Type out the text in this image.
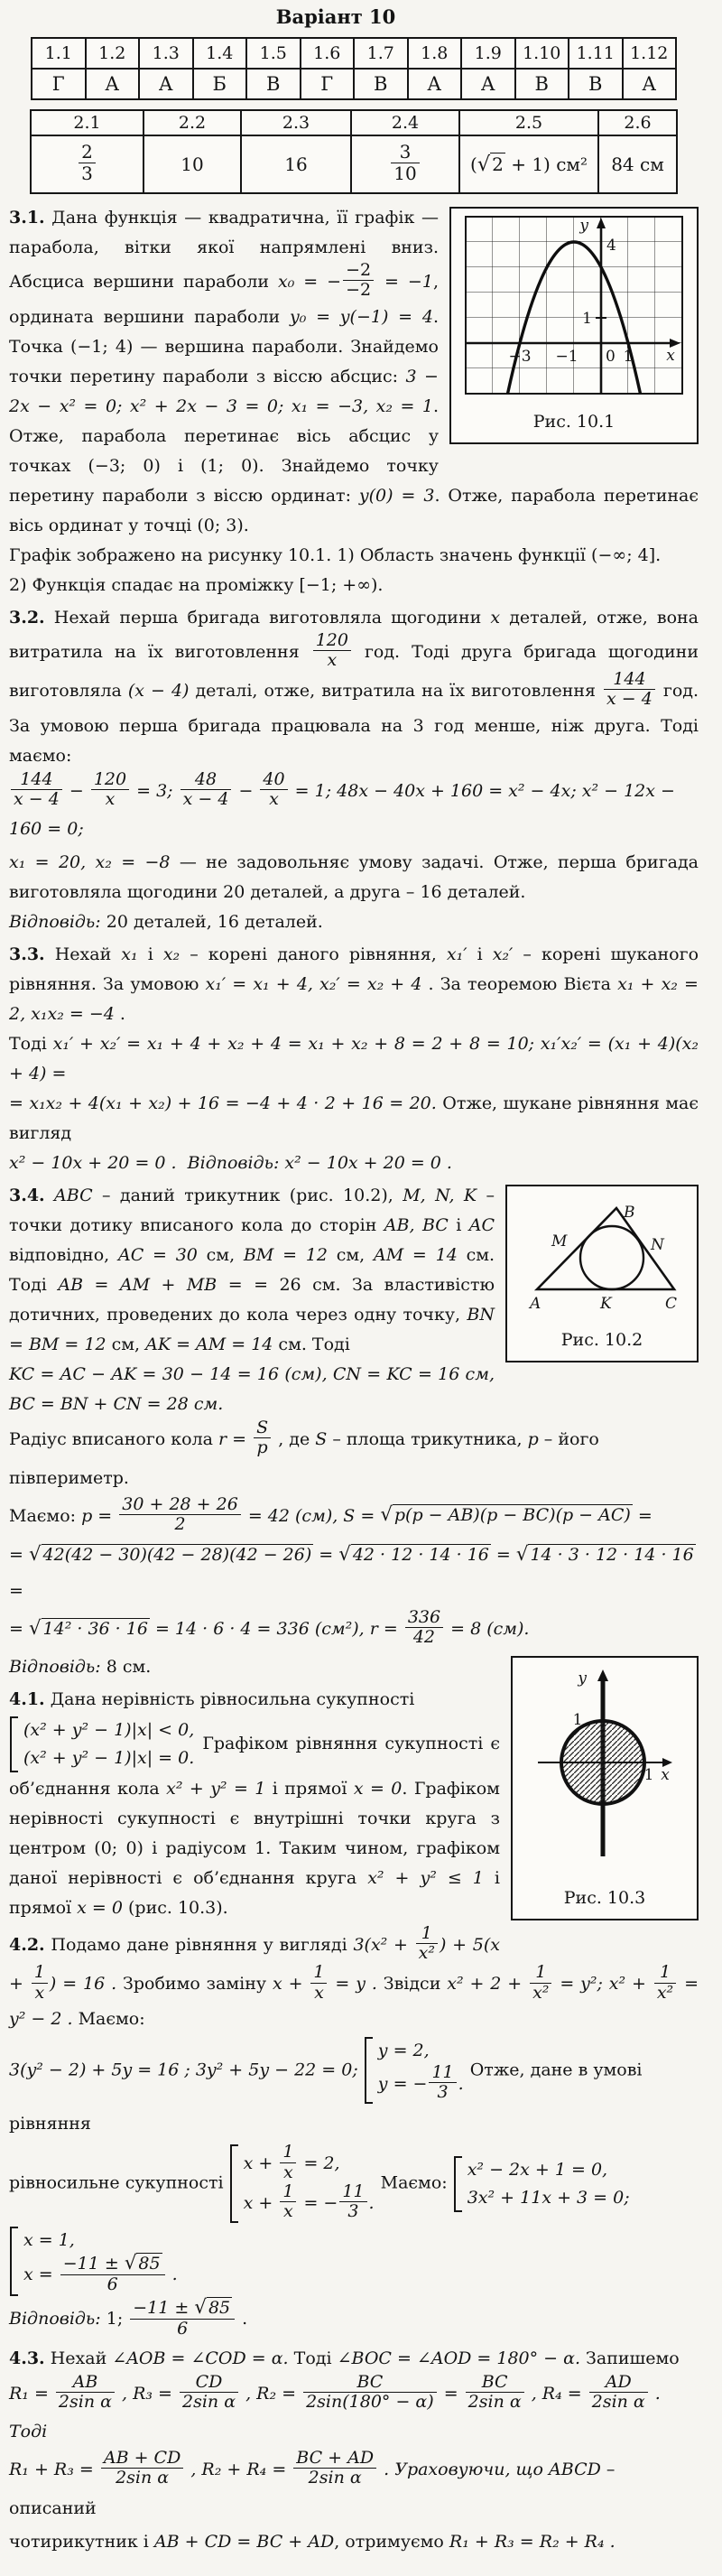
Варіант 10
1.1	1.2	1.3	1.4	1.5	1.6	1.7	1.8	1.9	1.10	1.11	1.12
Г	А	А	Б	В	Г	В	А	А	В	В	А
2.1	2.2	2.3	2.4	2.5	2.6

$\frac{2}{3}$	10	16	$\frac{3}{10}$	(√ 2 + 1) см²	84 см
y
4
1
−3 −1 0 1 x
Рис. 10.1
3.1. Дана функція — квадратична, її графік — парабола, вітки якої напрямлені вниз. Абсциса вершини параболи x₀ = − $\frac{-2}{-2} = -1$, ордината вершини параболи y₀ = y(−1) = 4. Точка (−1; 4) — вершина параболи. Знайдемо точки перетину параболи з віссю абсцис: 3 − 2x − x² = 0; x² + 2x − 3 = 0; x₁ = −3, x₂ = 1. Отже, парабола перетинає вісь абсцис у точках (−3; 0) і (1; 0). Знайдемо точку перетину параболи з віссю ординат: y(0) = 3. Отже, парабола перетинає вісь ординат у точці (0; 3).
Графік зображено на рисунку 10.1. 1) Область значень функції (−∞; 4].
2) Функція спадає на проміжку [−1; +∞).
3.2. Нехай перша бригада виготовляла щогодини x деталей, отже, вона витратила на їх виготовлення $\frac{120}{x}$ год. Тоді друга бригада щогодини виготовляла (x − 4) деталі, отже, витратила на їх виготовлення $\frac{144}{x - 4}$ год. За умовою перша бригада працювала на 3 год менше, ніж друга. Тоді маємо:
$\frac{144}{x - 4} - \frac{120}{x} = 3$; $\frac{48}{x - 4} - \frac{40}{x} = 1$; 48x − 40x + 160 = x² − 4x; x² − 12x − 160 = 0;
x₁ = 20, x₂ = −8 — не задовольняє умову задачі. Отже, перша бригада виготовляла щогодини 20 деталей, а друга – 16 деталей.
Відповідь: 20 деталей, 16 деталей.
3.3. Нехай x₁ і x₂ – корені даного рівняння, x₁′ і x₂′ – корені шуканого рівняння. За умовою x₁′ = x₁ + 4, x₂′ = x₂ + 4 . За теоремою Вієта x₁ + x₂ = 2, x₁x₂ = −4 .
Тоді x₁′ + x₂′ = x₁ + 4 + x₂ + 4 = x₁ + x₂ + 8 = 2 + 8 = 10; x₁′x₂′ = (x₁ + 4)(x₂ + 4) =
= x₁x₂ + 4(x₁ + x₂) + 16 = −4 + 4 · 2 + 16 = 20. Отже, шукане рівняння має вигляд
x² − 10x + 20 = 0 . Відповідь: x² − 10x + 20 = 0 .
B
M	N
A	K	C
Рис. 10.2
3.4. ABC – даний трикутник (рис. 10.2), M, N, K – точки дотику вписаного кола до сторін AB, BC і AC відповідно, AC = 30 см, BM = 12 см, AM = 14 см. Тоді AB = AM + MB = = 26 см. За властивістю дотичних, проведених до кола через одну точку, BN = BM = 12 см, AK = AM = 14 см. Тоді
KC = AC − AK = 30 − 14 = 16 (см), CN = KC = 16 см, BC = BN + CN = 28 см.
Радіус вписаного кола $r = \frac{S}{p}$ , де S – площа трикутника, p – його півпериметр.
Маємо: $p = \frac{30 + 28 + 26}{2} = 42$ (см), S = √ p(p − AB)(p − BC)(p − AC) =
= √ 42(42 − 30)(42 − 28)(42 − 26) = √ 42 · 12 · 14 · 16 = √ 14 · 3 · 12 · 14 · 16 =
= √ 14² · 36 · 16 = 14 · 6 · 4 = 336 (см²), $r = \frac{336}{42} = 8$ (см).
y
1
1 x
Рис. 10.3
Відповідь: 8 см.
4.1. Дана нерівність рівносильна сукупності
(x² + y² − 1)|x| < 0,
(x² + y² − 1)|x| = 0.
Графіком рівняння сукупності є об’єднання кола x² + y² = 1 і прямої x = 0. Графіком нерівності сукупності є внутрішні точки круга з центром (0; 0) і радіусом 1. Таким чином, графіком даної нерівності є об’єднання круга x² + y² ≤ 1 і прямої x = 0 (рис. 10.3).
4.2. Подамо дане рівняння у вигляді $3(x^2 + \frac{1}{\text{x²}}$ ) + $5(x + \frac{1}{x}$ ) = 16 . Зробимо заміну $x + \frac{1}{x} = y$ . Звідси $x^2 + 2 + \frac{1}{\text{x²}} = y^2$; $x^2 + \frac{1}{\text{x²}} = y^2 - 2$ . Маємо:
3(y² − 2) + 5y = 16 ; 3y² + 5y − 22 = 0;
y = 2,
y = − $\frac{11}{3}$ .
Отже, дане в умові рівняння
рівносильне сукупності
$x + \frac{1}{x} = 2$,
$x + \frac{1}{x}$ = − $\frac{11}{3}$ .
Маємо:
x² − 2x + 1 = 0,
3x² + 11x + 3 = 0;

x = 1,
$x = \frac{-11 \pm √ 85}{6}$ .
Відповідь: 1; $\frac{-11 \pm √ 85}{6}$ .
4.3. Нехай ∠AOB = ∠COD = α. Тоді ∠BOC = ∠AOD = 180° − α. Запишемо
$R_1 = \frac{AB}{\text{2sin α}}$ , $R_3 = \frac{CD}{\text{2sin α}}$ , $R_2 = \frac{BC}{2\sin(180^\circ - \alpha)} = \frac{BC}{\text{2sin α}}$ , $R_4 = \frac{AD}{\text{2sin α}}$ . Тоді
$R_1 + R_3 = \frac{AB + CD}{\text{2sin α}}$ , $R_2 + R_4 = \frac{BC + AD}{\text{2sin α}}$ . Ураховуючи, що ABCD – описаний
чотирикутник і AB + CD = BC + AD, отримуємо R₁ + R₃ = R₂ + R₄ .
